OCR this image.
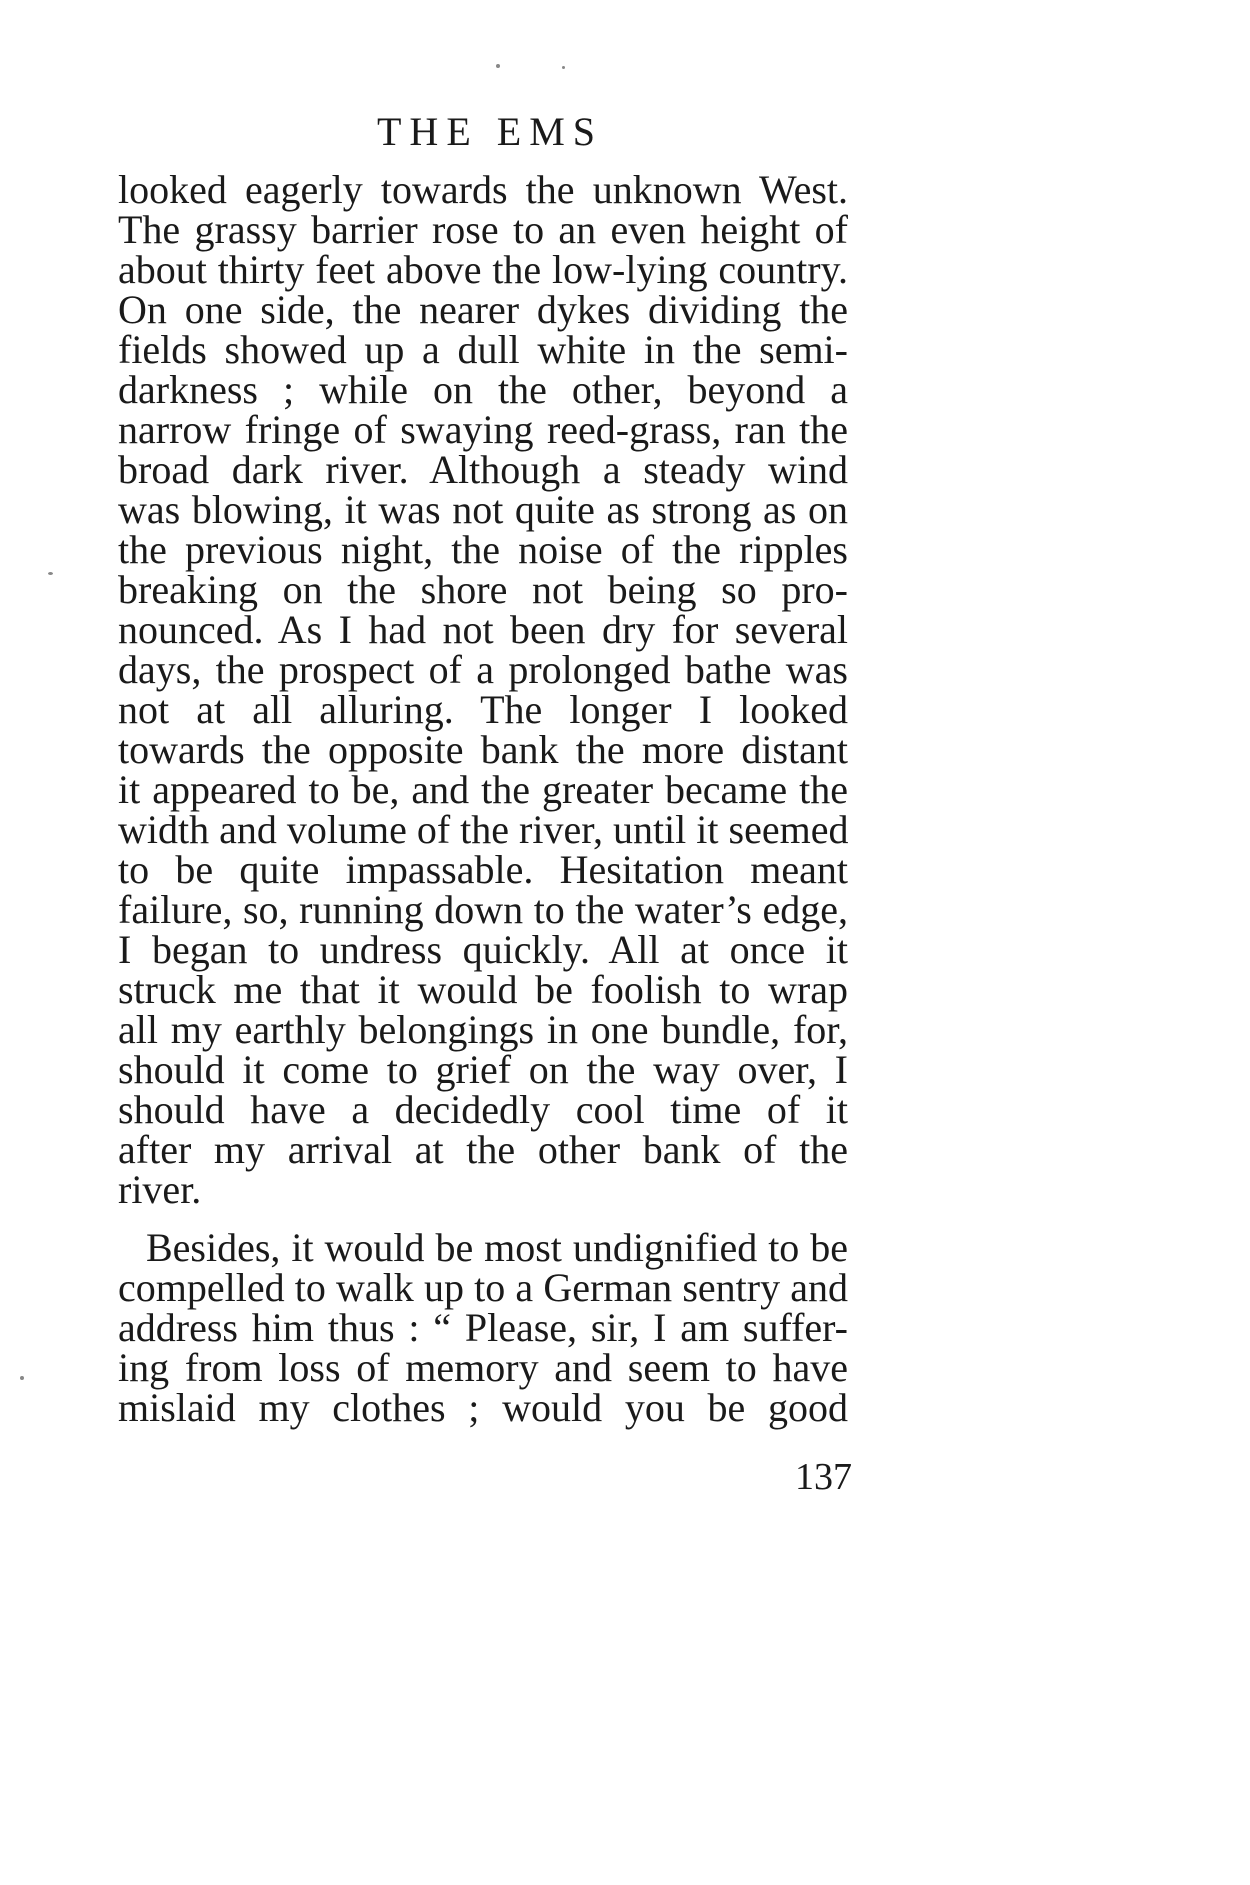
THE EMS
looked eagerly towards the unknown West.
The grassy barrier rose to an even height of
about thirty feet above the low-lying country.
On one side, the nearer dykes dividing the
fields showed up a dull white in the semi-
darkness ; while on the other, beyond a
narrow fringe of swaying reed-grass, ran the
broad dark river. Although a steady wind
was blowing, it was not quite as strong as on
the previous night, the noise of the ripples
breaking on the shore not being so pro-
nounced. As I had not been dry for several
days, the prospect of a prolonged bathe was
not at all alluring. The longer I looked
towards the opposite bank the more distant
it appeared to be, and the greater became the
width and volume of the river, until it seemed
to be quite impassable. Hesitation meant
failure, so, running down to the water’s edge,
I began to undress quickly. All at once it
struck me that it would be foolish to wrap
all my earthly belongings in one bundle, for,
should it come to grief on the way over, I
should have a decidedly cool time of it
after my arrival at the other bank of the
river.
Besides, it would be most undignified to be
compelled to walk up to a German sentry and
address him thus : “ Please, sir, I am suffer-
ing from loss of memory and seem to have
mislaid my clothes ; would you be good
137
